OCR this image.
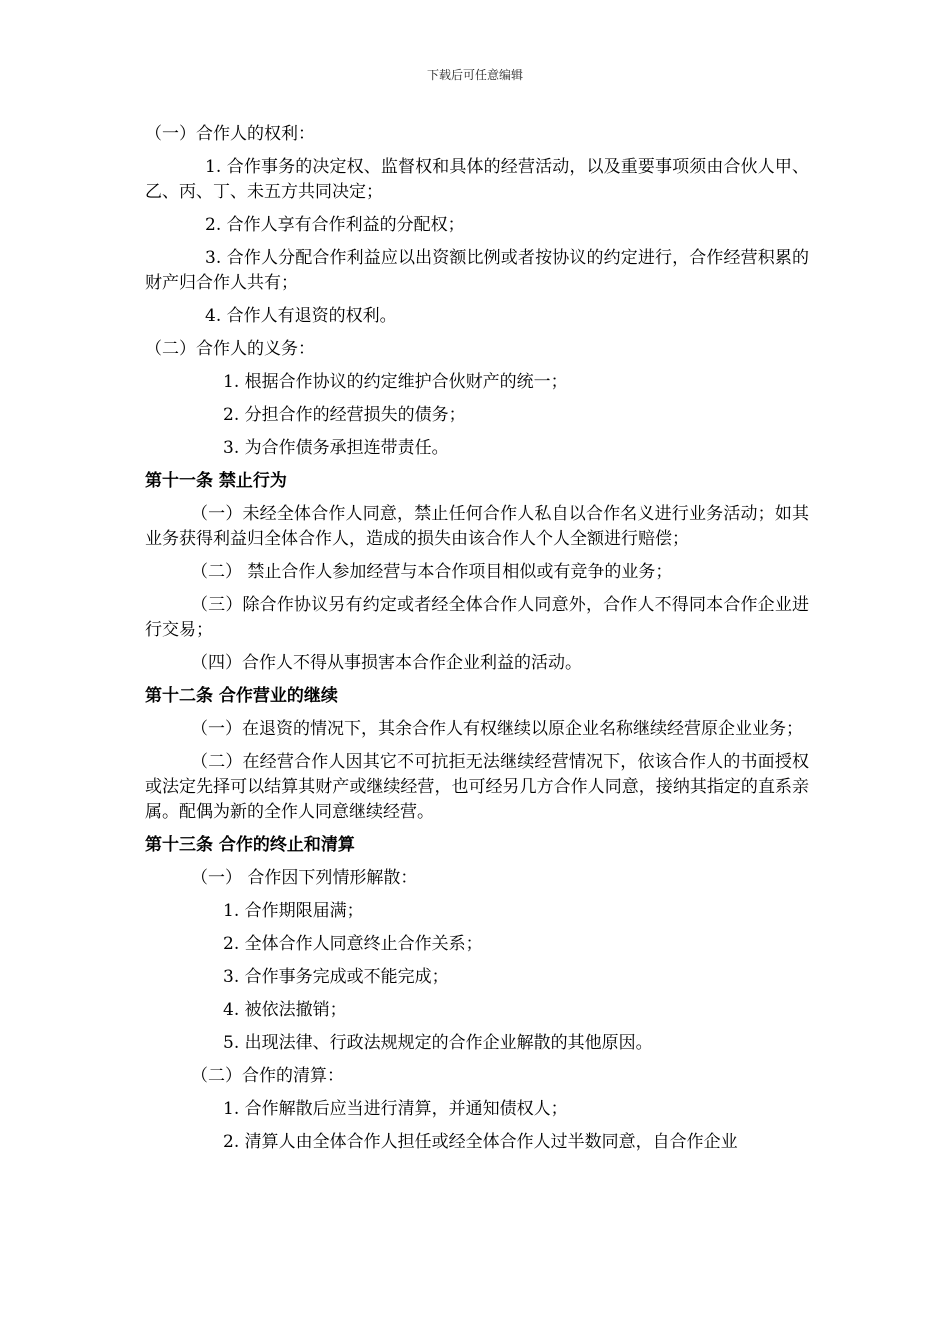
下载后可任意编辑
（一）合作人的权利：
1. 合作事务的决定权、监督权和具体的经营活动，以及重要事项须由合伙人甲、乙、丙、丁、未五方共同决定；
2. 合作人享有合作利益的分配权；
3. 合作人分配合作利益应以出资额比例或者按协议的约定进行，合作经营积累的财产归合作人共有；
4. 合作人有退资的权利。
（二）合作人的义务：
1. 根据合作协议的约定维护合伙财产的统一；
2. 分担合作的经营损失的债务；
3. 为合作债务承担连带责任。
第十一条 禁止行为
（一）未经全体合作人同意，禁止任何合作人私自以合作名义进行业务活动；如其业务获得利益归全体合作人，造成的损失由该合作人个人全额进行赔偿；
（二） 禁止合作人参加经营与本合作项目相似或有竞争的业务；
（三）除合作协议另有约定或者经全体合作人同意外，合作人不得同本合作企业进行交易；
（四）合作人不得从事损害本合作企业利益的活动。
第十二条 合作营业的继续
（一）在退资的情况下，其余合作人有权继续以原企业名称继续经营原企业业务；
（二）在经营合作人因其它不可抗拒无法继续经营情况下，依该合作人的书面授权或法定先择可以结算其财产或继续经营，也可经另几方合作人同意，接纳其指定的直系亲属。配偶为新的全作人同意继续经营。
第十三条 合作的终止和清算
（一） 合作因下列情形解散：
1. 合作期限届满；
2. 全体合作人同意终止合作关系；
3. 合作事务完成或不能完成；
4. 被依法撤销；
5. 出现法律、行政法规规定的合作企业解散的其他原因。
（二）合作的清算：
1. 合作解散后应当进行清算，并通知债权人；
2. 清算人由全体合作人担任或经全体合作人过半数同意，自合作企业
